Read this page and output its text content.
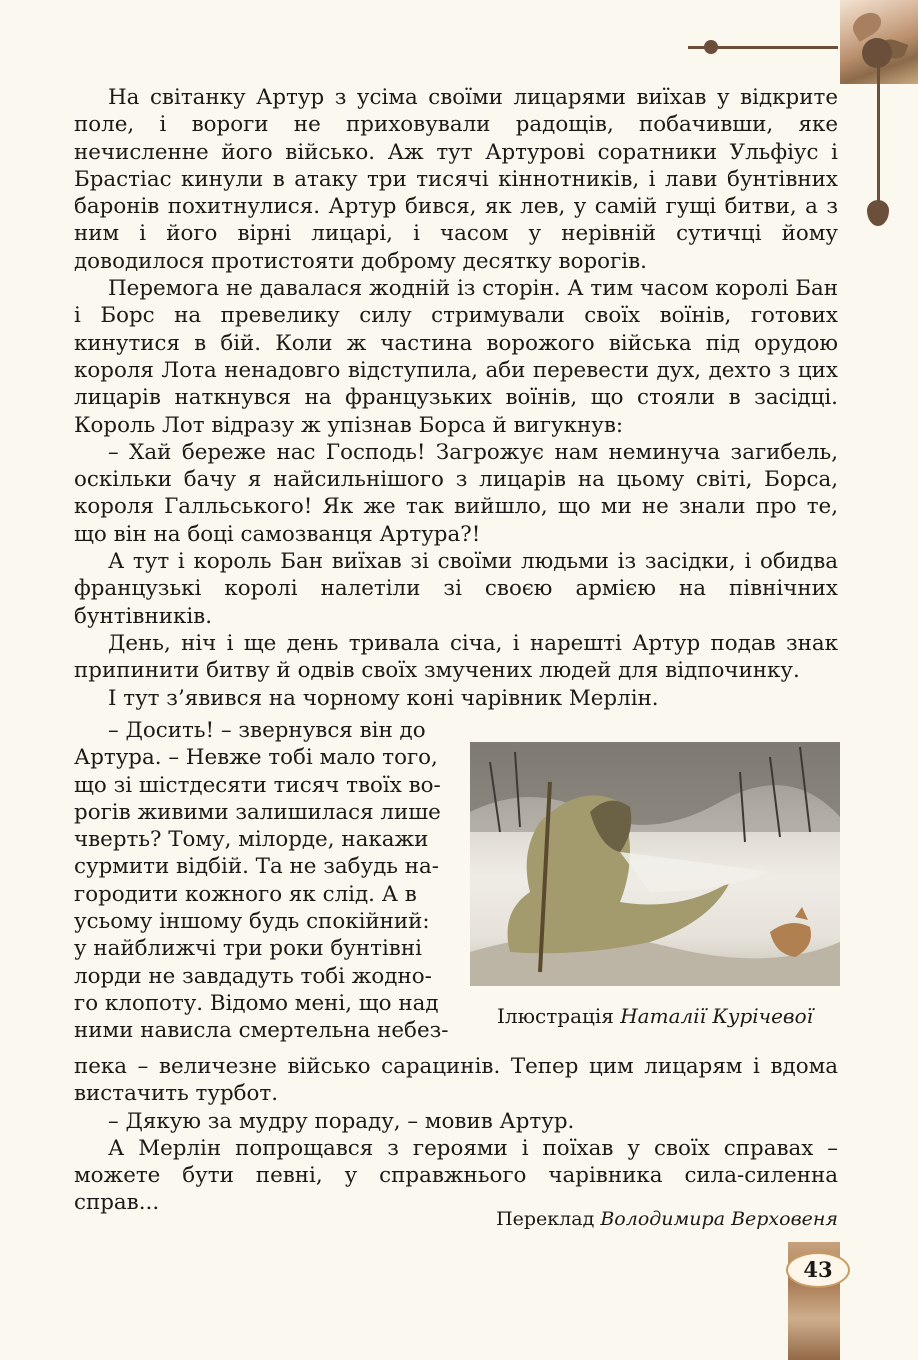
На світанку Артур з усіма своїми лицарями виїхав у відкрите поле, і вороги не приховували радощів, побачивши, яке нечисленне його військо. Аж тут Артурові соратники Ульфіус і Брастіас кинули в атаку три тисячі кіннотників, і лави бунтівних баронів похитнулися. Артур бився, як лев, у самій гущі битви, а з ним і його вірні лицарі, і часом у нерівній сутичці йому доводилося протистояти доброму десятку ворогів.

Перемога не давалася жодній із сторін. А тим часом королі Бан і Борс на превелику силу стримували своїх воїнів, готових кинутися в бій. Коли ж частина ворожого війська під орудою короля Лота ненадовго відступила, аби перевести дух, дехто з цих лицарів наткнувся на французьких воїнів, що стояли в засідці. Король Лот відразу ж упізнав Борса й вигукнув:

– Хай береже нас Господь! Загрожує нам неминуча загибель, оскільки бачу я найсильнішого з лицарів на цьому світі, Борса, короля Галльського! Як же так вийшло, що ми не знали про те, що він на боці самозванця Артура?!

А тут і король Бан виїхав зі своїми людьми із засідки, і обидва французькі королі налетіли зі своєю армією на північних бунтівників.

День, ніч і ще день тривала січа, і нарешті Артур подав знак припинити битву й одвів своїх змучених людей для відпочинку.

І тут з’явився на чорному коні чарівник Мерлін.

– Досить! – звернувся він до

Артура. – Невже тобі мало того,

що зі шістдесяти тисяч твоїх во-

рогів живими залишилася лише

чверть? Тому, мілорде, накажи

сурмити відбій. Та не забудь на-

городити кожного як слід. А в

усьому іншому будь спокійний:

у найближчі три роки бунтівні

лорди не завдадуть тобі жодно-

го клопоту. Відомо мені, що над

ними нависла смертельна небез-

Ілюстрація Наталії Курічевої

пека – величезне військо сарацинів. Тепер цим лицарям і вдома вистачить турбот.

– Дякую за мудру пораду, – мовив Артур.

А Мерлін попрощався з героями і поїхав у своїх справах – можете бути певні, у справжнього чарівника сила-силенна справ...

Переклад Володимира Верховеня
43
